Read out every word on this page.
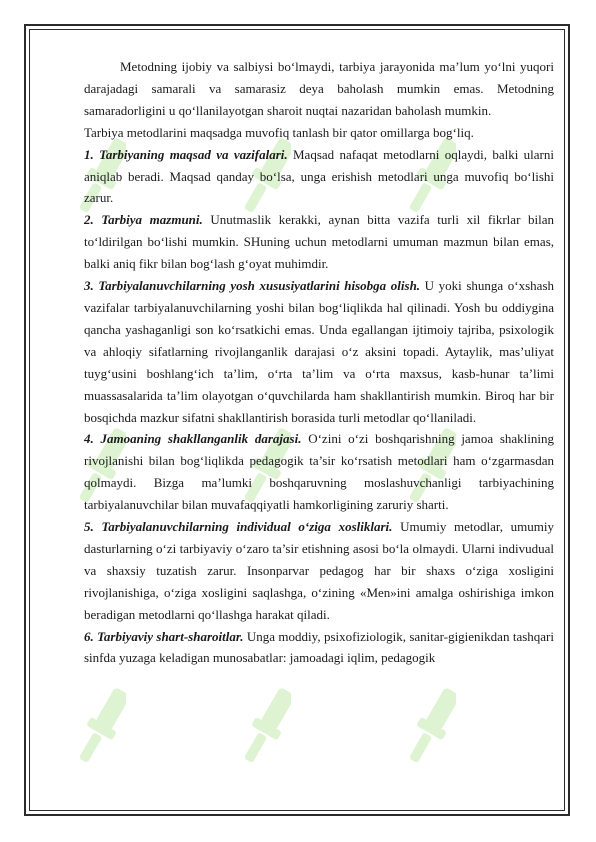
Metodning ijobiy va salbiysi bo‘lmaydi, tarbiya jarayonida ma’lum yo‘lni yuqori darajadagi samarali va samarasiz deya baholash mumkin emas. Metodning samaradorligini u qo‘llanilayotgan sharoit nuqtai nazaridan baholash mumkin.

Tarbiya metodlarini maqsadga muvofiq tanlash bir qator omillarga bog‘liq.

1. Tarbiyaning maqsad va vazifalari. Maqsad nafaqat metodlarni oqlaydi, balki ularni aniqlab beradi. Maqsad qanday bo‘lsa, unga erishish metodlari unga muvofiq bo‘lishi zarur.

2. Tarbiya mazmuni. Unutmaslik kerakki, aynan bitta vazifa turli xil fikrlar bilan to‘ldirilgan bo‘lishi mumkin. SHuning uchun metodlarni umuman mazmun bilan emas, balki aniq fikr bilan bog‘lash g‘oyat muhimdir.

3. Tarbiyalanuvchilarning yosh xususiyatlarini hisobga olish. U yoki shunga o‘xshash vazifalar tarbiyalanuvchilarning yoshi bilan bog‘liqlikda hal qilinadi. Yosh bu oddiygina qancha yashaganligi son ko‘rsatkichi emas. Unda egallangan ijtimoiy tajriba, psixologik va ahloqiy sifatlarning rivojlanganlik darajasi o‘z aksini topadi. Aytaylik, mas’uliyat tuyg‘usini boshlang‘ich ta’lim, o‘rta ta’lim va o‘rta maxsus, kasb-hunar ta’limi muassasalarida ta’lim olayotgan o‘quvchilarda ham shakllantirish mumkin. Biroq har bir bosqichda mazkur sifatni shakllantirish borasida turli metodlar qo‘llaniladi.

4. Jamoaning shakllanganlik darajasi. O‘zini o‘zi boshqarishning jamoa shaklining rivojlanishi bilan bog‘liqlikda pedagogik ta’sir ko‘rsatish metodlari ham o‘zgarmasdan qolmaydi. Bizga ma’lumki boshqaruvning moslashuvchanligi tarbiyachining tarbiyalanuvchilar bilan muvafaqqiyatli hamkorligining zaruriy sharti.

5. Tarbiyalanuvchilarning individual o‘ziga xosliklari. Umumiy metodlar, umumiy dasturlarning o‘zi tarbiyaviy o‘zaro ta’sir etishning asosi bo‘la olmaydi. Ularni indivudual va shaxsiy tuzatish zarur. Insonparvar pedagog har bir shaxs o‘ziga xosligini rivojlanishiga, o‘ziga xosligini saqlashga, o‘zining «Men»ini amalga oshirishiga imkon beradigan metodlarni qo‘llashga harakat qiladi.

6. Tarbiyaviy shart-sharoitlar. Unga moddiy, psixofiziologik, sanitar-gigienikdan tashqari sinfda yuzaga keladigan munosabatlar: jamoadagi iqlim, pedagogik
